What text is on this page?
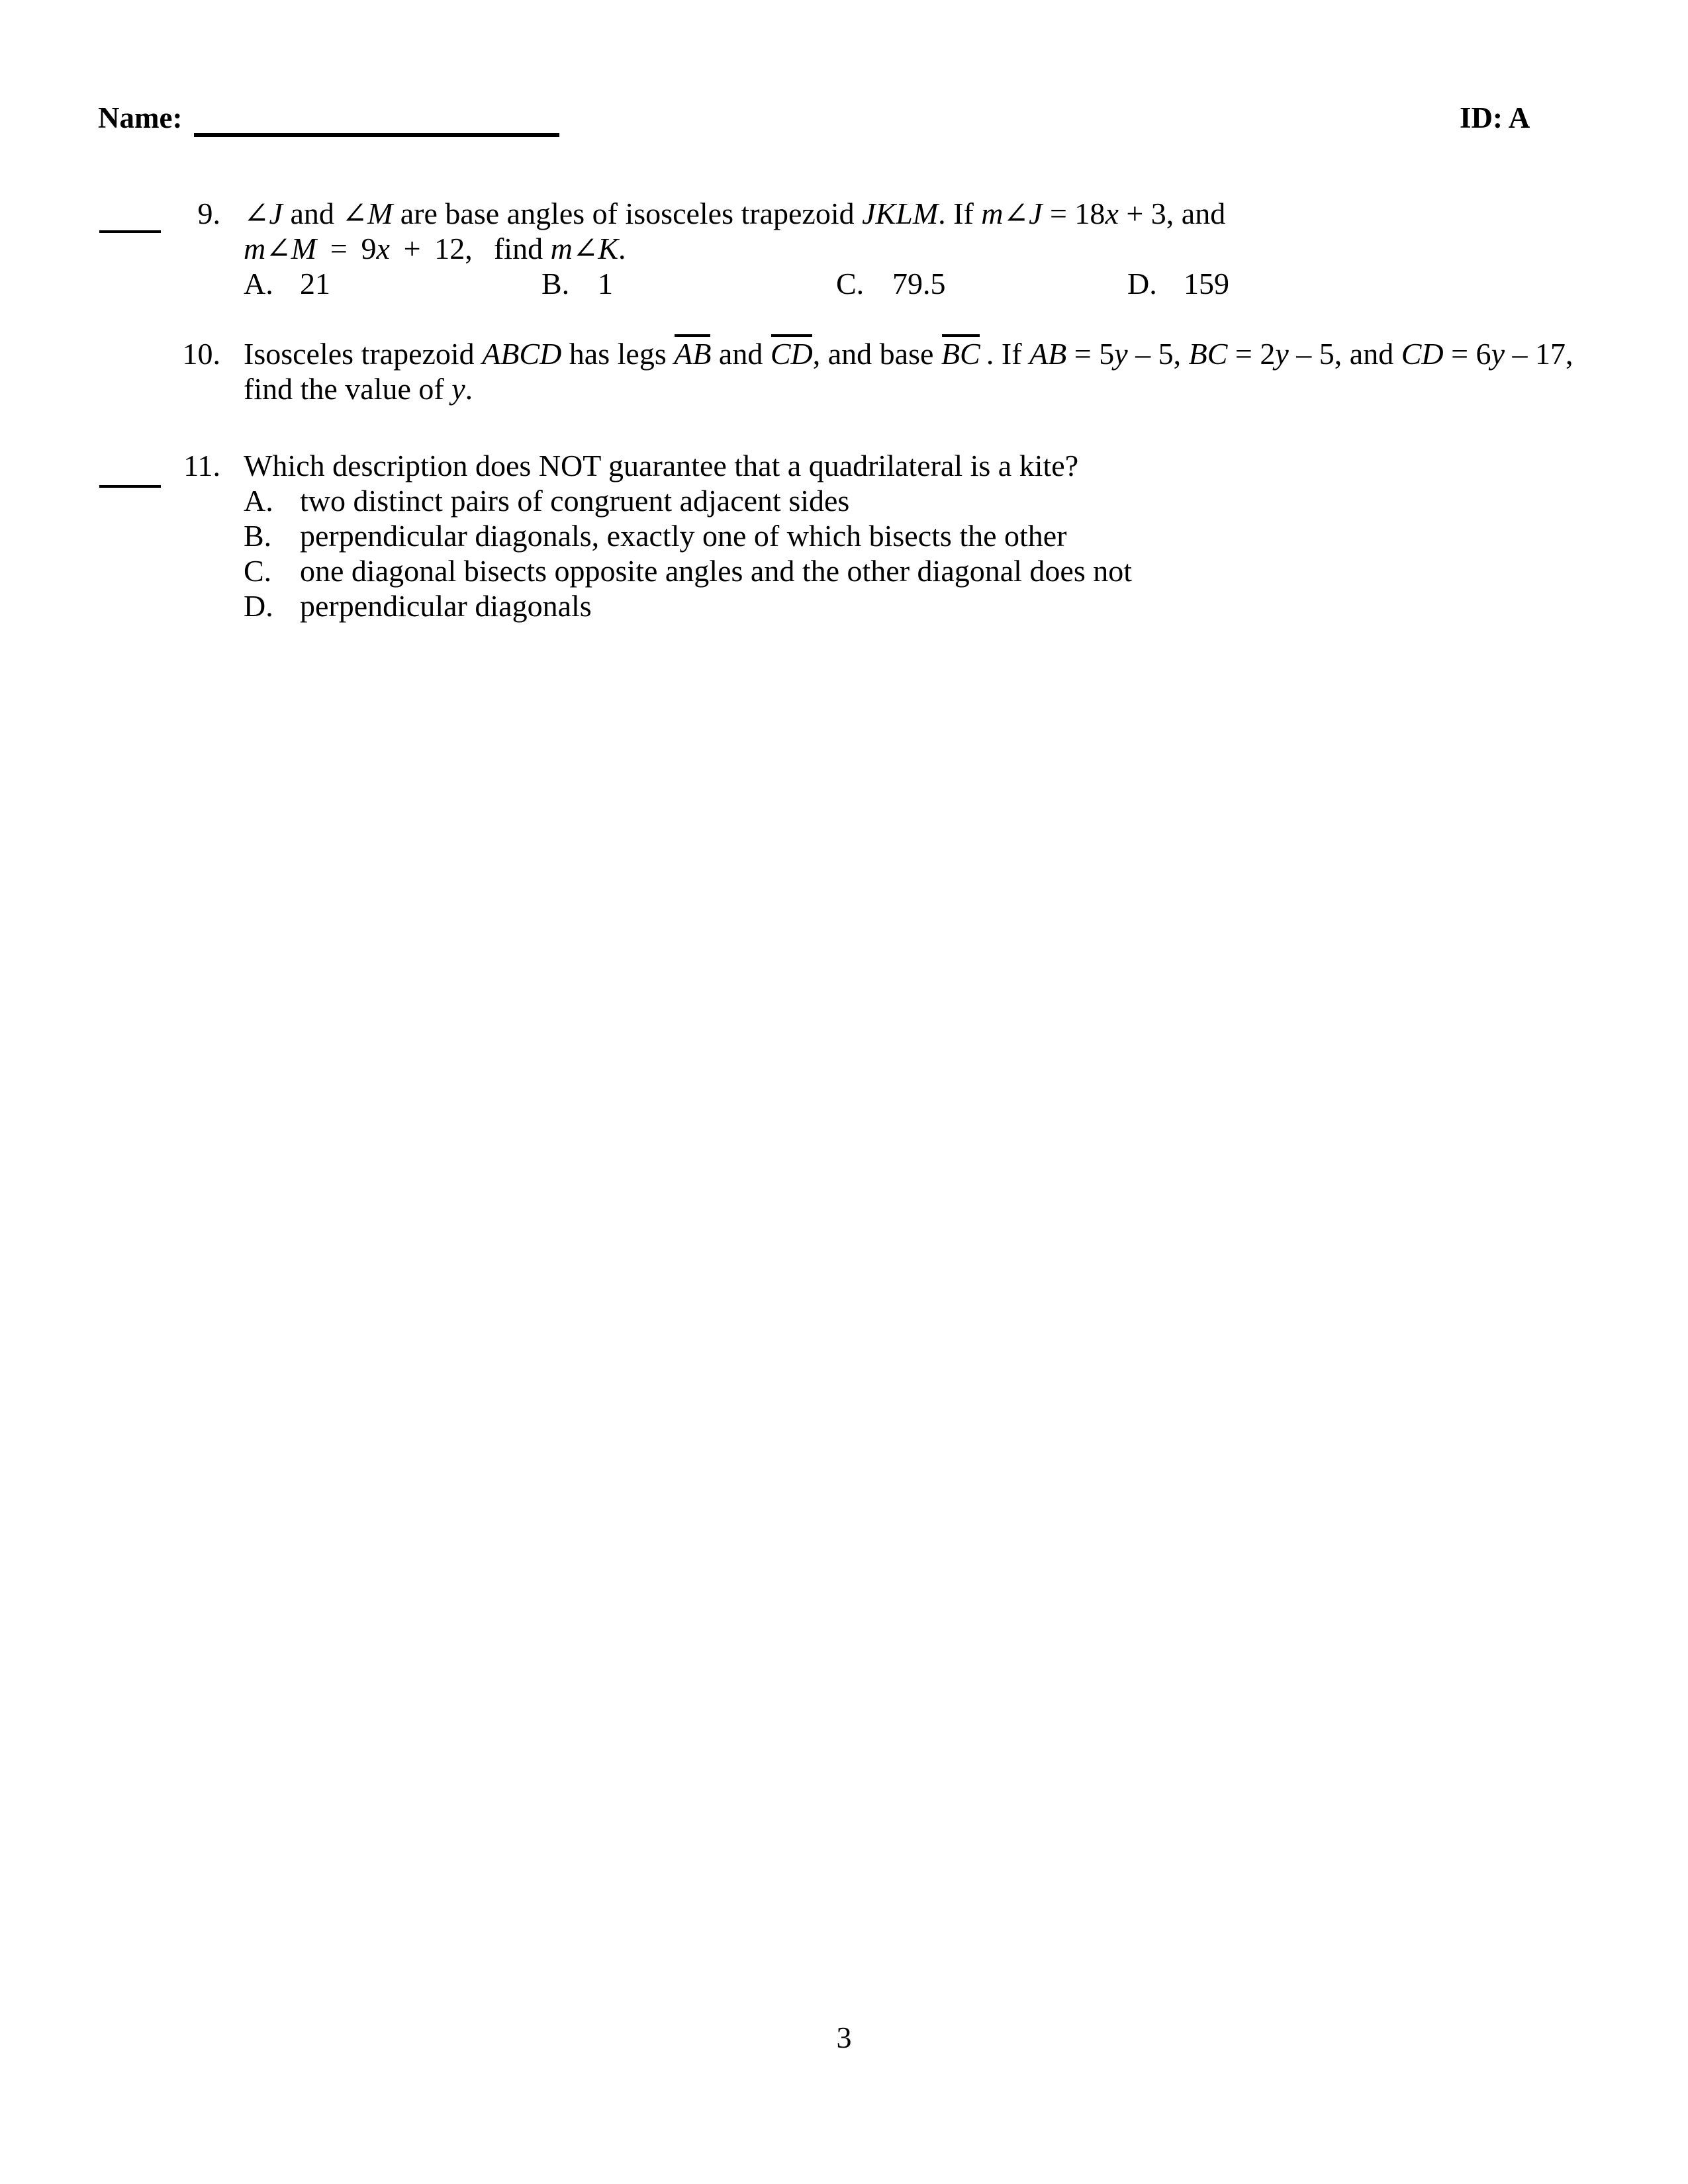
Name:	ID: A
9. ∠J and ∠M are base angles of isosceles trapezoid JKLM. If m∠J = 18x + 3, and
m∠M  =  9x  +  12,   find m∠K.
A. 21	B. 1	C. 79.5	D. 159
10. Isosceles trapezoid ABCD has legs AB and CD, and base BC . If AB = 5y – 5, BC = 2y – 5, and CD = 6y – 17,
find the value of y.
11. Which description does NOT guarantee that a quadrilateral is a kite?
A. two distinct pairs of congruent adjacent sides
B. perpendicular diagonals, exactly one of which bisects the other
C. one diagonal bisects opposite angles and the other diagonal does not
D. perpendicular diagonals
3
